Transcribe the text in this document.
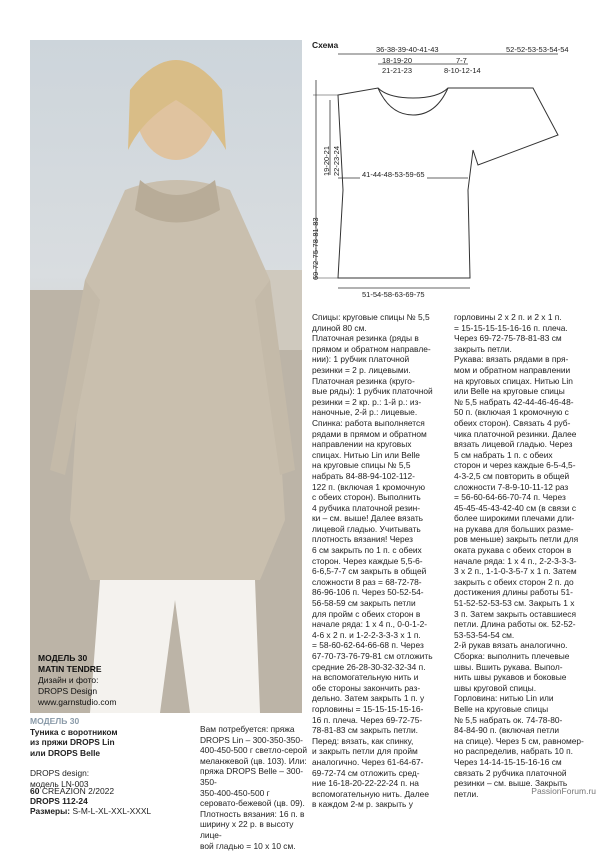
МОДЕЛЬ 30
MATIN TENDRE
Дизайн и фото:
DROPS Design
www.garnstudio.com
Схема	36-38-39-40-41-43
18-19-20
21-21-23
7-7
8-10-12-14
52-52-53-53-54-54
69-72-75-78-81-83
19-20-21 22-23-24	41-44-48-53-59-65
51-54-58-63-69-75
МОДЕЛЬ 30
Туника с воротником
из пряжи DROPS Lin
или DROPS Belle
DROPS design:
модель LN-003
DROPS 112-24
Размеры: S-M-L-XL-XXL-XXXL

Вам потребуется: пряжа

DROPS Lin – 300-350-350-

400-450-500 г светло-серой

меланжевой (цв. 103). Или:

пряжа DROPS Belle – 300-350-

350-400-450-500 г

серовато-бежевой (цв. 09).

Плотность вязания: 16 п. в

ширину х 22 р. в высоту лице-

вой гладью = 10 х 10 см.

Спицы: круговые спицы № 5,5

длиной 80 см.

Платочная резинка (ряды в

прямом и обратном направле-

нии): 1 рубчик платочной

резинки = 2 р. лицевыми.

Платочная резинка (круго-

вые ряды): 1 рубчик платочной

резинки = 2 кр. р.: 1-й р.: из-

наночные, 2-й р.: лицевые.

Спинка: работа выполняется

рядами в прямом и обратном

направлении на круговых

спицах. Нитью Lin или Belle

на круговые спицы № 5,5

набрать 84-88-94-102-112-

122 п. (включая 1 кромочную

с обеих сторон). Выполнить

4 рубчика платочной резин-

ки – см. выше! Далее вязать

лицевой гладью. Учитывать

плотность вязания! Через

6 см закрыть по 1 п. с обеих

сторон. Через каждые 5,5-6-

6-6,5-7-7 см закрыть в общей

сложности 8 раз = 68-72-78-

86-96-106 п. Через 50-52-54-

56-58-59 см закрыть петли

для пройм с обеих сторон в

начале ряда: 1 х 4 п., 0-0-1-2-

4-6 х 2 п. и 1-2-2-3-3-3 х 1 п.

= 58-60-62-64-66-68 п. Через

67-70-73-76-79-81 см отложить

средние 26-28-30-32-32-34 п.

на вспомогательную нить и

обе стороны закончить раз-

дельно. Затем закрыть 1 п. у

горловины = 15-15-15-15-16-

16 п. плеча. Через 69-72-75-

78-81-83 см закрыть петли.

Перед: вязать, как спинку,

и закрыть петли для пройм

аналогично. Через 61-64-67-

69-72-74 см отложить сред-

ние 16-18-20-22-22-24 п. на

вспомогательную нить. Далее

в каждом 2-м р. закрыть у

горловины 2 х 2 п. и 2 х 1 п.

= 15-15-15-15-16-16 п. плеча.

Через 69-72-75-78-81-83 см

закрыть петли.

Рукава: вязать рядами в пря-

мом и обратном направлении

на круговых спицах. Нитью Lin

или Belle на круговые спицы

№ 5,5 набрать 42-44-46-46-48-

50 п. (включая 1 кромочную с

обеих сторон). Связать 4 руб-

чика платочной резинки. Далее

вязать лицевой гладью. Через

5 см набрать 1 п. с обеих

сторон и через каждые 6-5-4,5-

4-3-2,5 см повторить в общей

сложности 7-8-9-10-11-12 раз

= 56-60-64-66-70-74 п. Через

45-45-45-43-42-40 см (в связи с

более широкими плечами дли-

на рукава для больших разме-

ров меньше) закрыть петли для

оката рукава с обеих сторон в

начале ряда: 1 х 4 п., 2-2-3-3-3-

3 х 2 п., 1-1-0-3-5-7 х 1 п. Затем

закрыть с обеих сторон 2 п. до

достижения длины работы 51-

51-52-52-53-53 см. Закрыть 1 х

3 п. Затем закрыть оставшиеся

петли. Длина работы ок. 52-52-

53-53-54-54 см.

2-й рукав вязать аналогично.

Сборка: выполнить плечевые

швы. Вшить рукава. Выпол-

нить швы рукавов и боковые

швы круговой спицы.

Горловина: нитью Lin или

Belle на круговые спицы

№ 5,5 набрать ок. 74-78-80-

84-84-90 п. (включая петли

на спице). Через 5 см, равномер-

но распределив, набрать 10 п.

Через 14-14-15-15-16-16 см

связать 2 рубчика платочной

резинки – см. выше. Закрыть

петли.

60 CREAZION 2/2022	PassionForum.ru
